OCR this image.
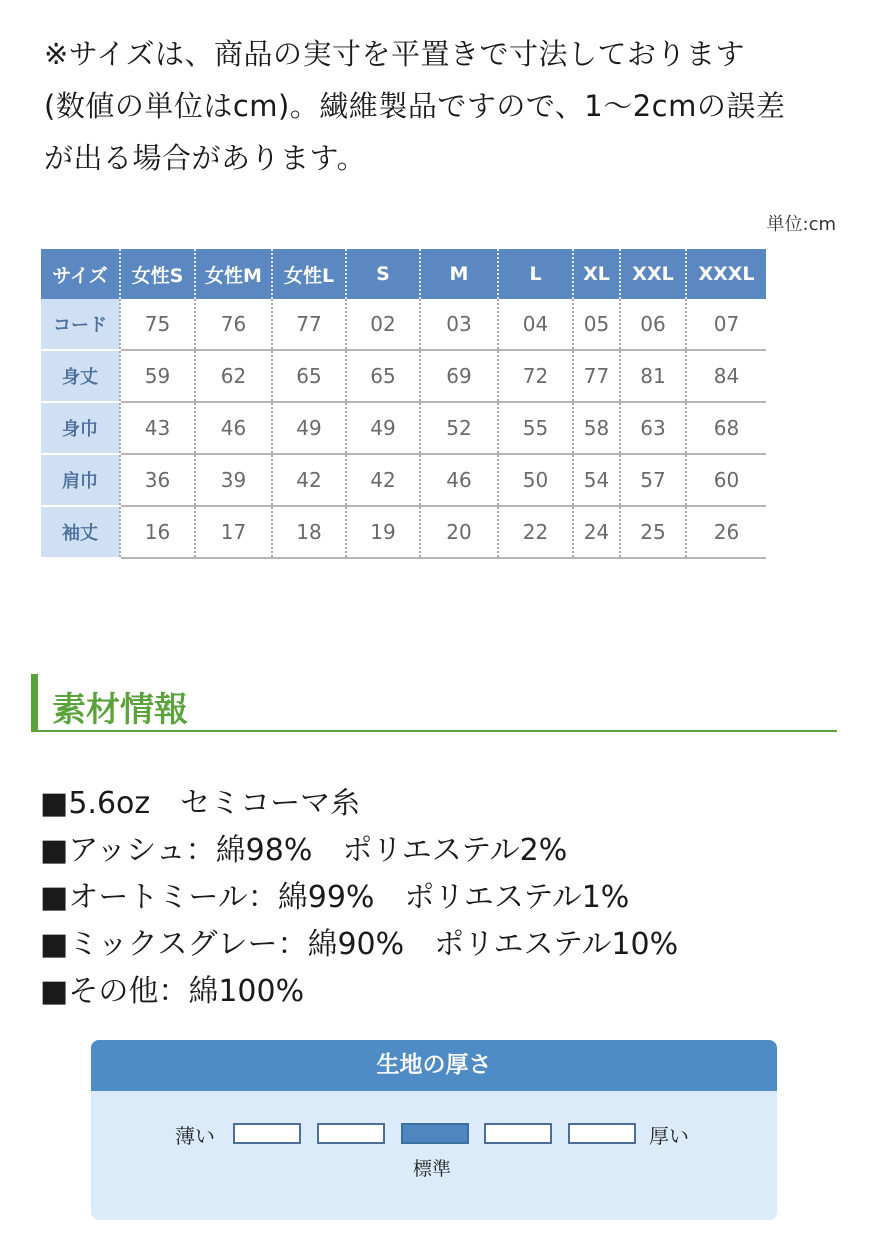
※サイズは、商品の実寸を平置きで寸法しております
(数値の単位はcm)。繊維製品ですので、1〜2cmの誤差
が出る場合があります。
単位:cm
サイズ	女性S	女性M	女性L	S	M	L	XL	XXL	XXXL
コード	75	76	77	02	03	04	05	06	07
身丈	59	62	65	65	69	72	77	81	84
身巾	43	46	49	49	52	55	58	63	68
肩巾	36	39	42	42	46	50	54	57	60
袖丈	16	17	18	19	20	22	24	25	26
素材情報
■5.6oz　セミコーマ糸
■アッシュ：綿98%　ポリエステル2%
■オートミール：綿99%　ポリエステル1%
■ミックスグレー：綿90%　ポリエステル10%
■その他：綿100%
生地の厚さ
薄い	厚い
標準
